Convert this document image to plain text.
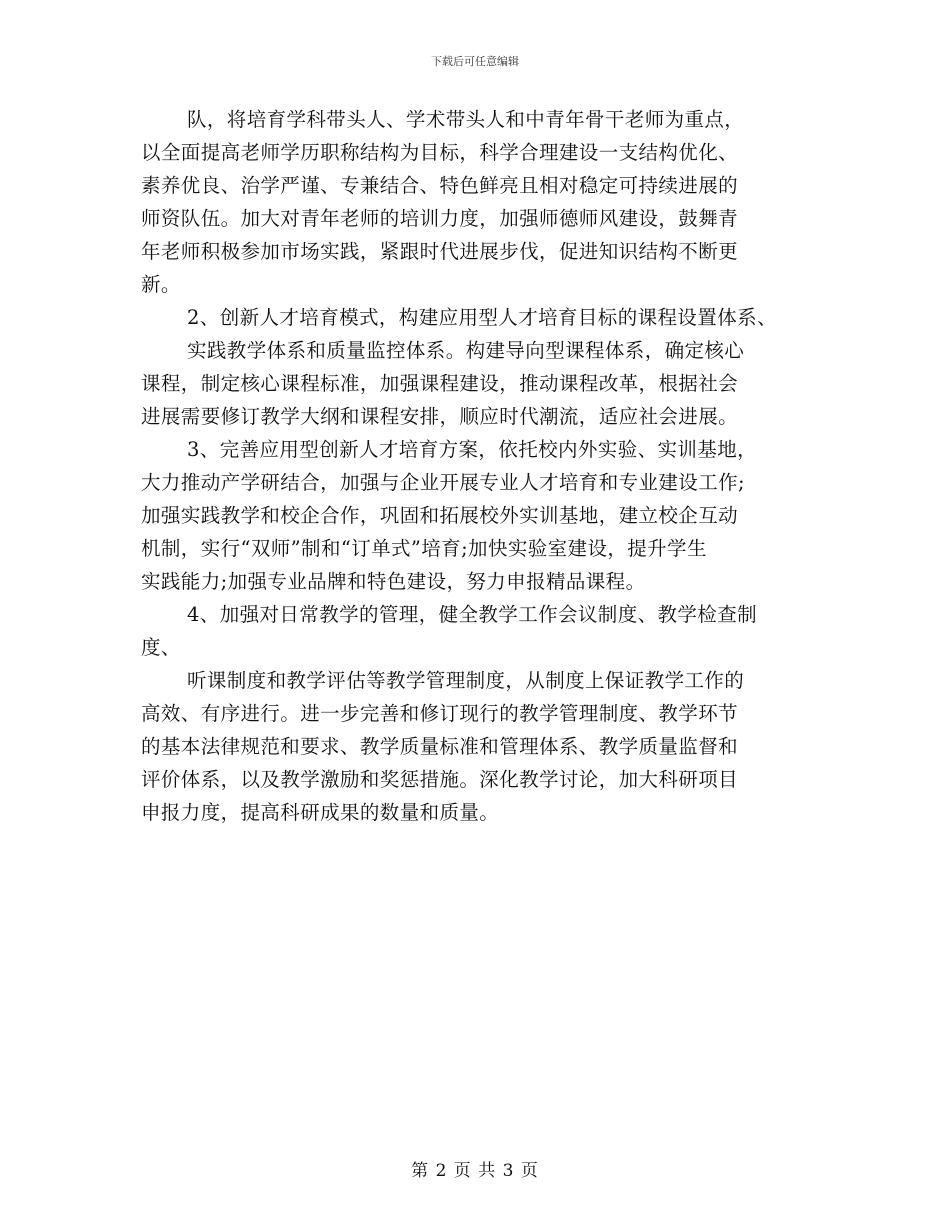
下载后可任意编辑
队，将培育学科带头人、学术带头人和中青年骨干老师为重点，
以全面提高老师学历职称结构为目标，科学合理建设一支结构优化、
素养优良、治学严谨、专兼结合、特色鲜亮且相对稳定可持续进展的
师资队伍。加大对青年老师的培训力度，加强师德师风建设，鼓舞青
年老师积极参加市场实践，紧跟时代进展步伐，促进知识结构不断更
新。
2、创新人才培育模式，构建应用型人才培育目标的课程设置体系、
实践教学体系和质量监控体系。构建导向型课程体系，确定核心
课程，制定核心课程标准，加强课程建设，推动课程改革，根据社会
进展需要修订教学大纲和课程安排，顺应时代潮流，适应社会进展。
3、完善应用型创新人才培育方案，依托校内外实验、实训基地，
大力推动产学研结合，加强与企业开展专业人才培育和专业建设工作;
加强实践教学和校企合作，巩固和拓展校外实训基地，建立校企互动
机制，实行“双师”制和“订单式”培育;加快实验室建设，提升学生
实践能力;加强专业品牌和特色建设，努力申报精品课程。
4、加强对日常教学的管理，健全教学工作会议制度、教学检查制
度、
听课制度和教学评估等教学管理制度，从制度上保证教学工作的
高效、有序进行。进一步完善和修订现行的教学管理制度、教学环节
的基本法律规范和要求、教学质量标准和管理体系、教学质量监督和
评价体系，以及教学激励和奖惩措施。深化教学讨论，加大科研项目
申报力度，提高科研成果的数量和质量。
第 2 页 共 3 页
